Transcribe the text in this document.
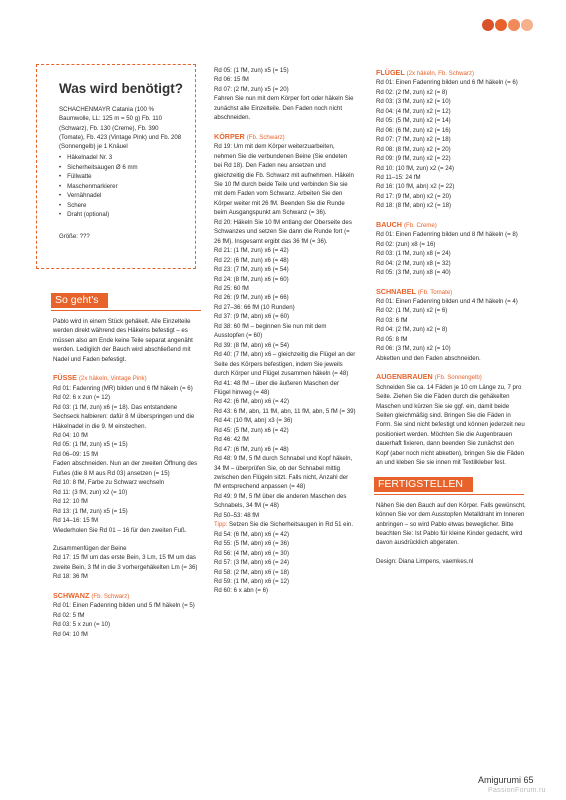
Was wird benötigt?

SCHACHENMAYR Catania (100 % Baumwolle, LL: 125 m = 50 g) Fb. 110 (Schwarz), Fb. 130 (Creme), Fb. 390 (Tomate), Fb. 423 (Vintage Pink) und Fb. 208 (Sonnengelb) je 1 Knäuel

• Häkelnadel Nr. 3
• Sicherheitsaugen Ø 6 mm
• Füllwatte
• Maschenmarkierer
• Vernähnadel
• Schere
• Draht (optional)

Größe: ???

So geht's

Pablo wird in einem Stück gehäkelt. Alle Einzelteile werden direkt während des Häkelns befestigt – es müssen also am Ende keine Teile separat angenäht werden. Lediglich der Bauch wird abschließend mit Nadel und Faden befestigt.

FÜSSE (2x häkeln, Vintage Pink)

Rd 01: Fadenring (MR) bilden und 6 fM häkeln (= 6)

Rd 02: 6 x zun (= 12)

Rd 03: (1 fM, zun) x6 (= 18). Das entstandene Sechseck halbieren: dafür 8 M überspringen und die Häkelnadel in die 9. M einstechen.

Rd 04: 10 fM

Rd 05: (1 fM, zun) x5 (= 15)

Rd 06–09: 15 fM

Faden abschneiden. Nun an der zweiten Öffnung des Fußes (die 8 M aus Rd 03) ansetzen (= 15)

Rd 10: 8 fM, Farbe zu Schwarz wechseln

Rd 11: (3 fM, zun) x2 (= 10)

Rd 12: 10 fM

Rd 13: (1 fM, zun) x5 (= 15)

Rd 14–16: 15 fM

Wiederholen Sie Rd 01 – 16 für den zweiten Fuß.

Zusammenfügen der Beine

Rd 17: 15 fM um das erste Bein, 3 Lm, 15 fM um das zweite Bein, 3 fM in die 3 vorhergehäkelten Lm (= 36)

Rd 18: 36 fM

SCHWANZ (Fb. Schwarz)

Rd 01: Einen Fadenring bilden und 5 fM häkeln (= 5)

Rd 02: 5 fM

Rd 03: 5 x zun (= 10)

Rd 04: 10 fM

Rd 05: (1 fM, zun) x5 (= 15)

Rd 06: 15 fM

Rd 07: (2 fM, zun) x5 (= 20)

Fahren Sie nun mit dem Körper fort oder häkeln Sie zunächst alle Einzelteile. Den Faden noch nicht abschneiden.

KÖRPER (Fb. Schwarz)

Rd 19: Um mit dem Körper weiterzuarbeiten, nehmen Sie die verbundenen Beine (Sie endeten bei Rd 18). Den Faden neu ansetzen und gleichzeitig die Fb. Schwarz mit aufnehmen. Häkeln Sie 10 fM durch beide Teile und verbinden Sie sie mit dem Faden vom Schwanz. Arbeiten Sie den Körper weiter mit 26 fM. Beenden Sie die Runde beim Ausgangspunkt am Schwanz (= 36).

Rd 20: Häkeln Sie 10 fM entlang der Oberseite des Schwanzes und setzen Sie dann die Runde fort (= 26 fM). Insgesamt ergibt das 36 fM (= 36).

Rd 21: (1 fM, zun) x6 (= 42)

Rd 22: (6 fM, zun) x6 (= 48)

Rd 23: (7 fM, zun) x6 (= 54)

Rd 24: (8 fM, zun) x6 (= 60)

Rd 25: 60 fM

Rd 26: (9 fM, zun) x6 (= 66)

Rd 27–36: 66 fM (10 Runden)

Rd 37: (9 fM, abn) x6 (= 60)

Rd 38: 60 fM – beginnen Sie nun mit dem Ausstopfen (= 60)

Rd 39: (8 fM, abn) x6 (= 54)

Rd 40: (7 fM, abn) x6 – gleichzeitig die Flügel an der Seite des Körpers befestigen, indem Sie jeweils durch Körper und Flügel zusammen häkeln (= 48)

Rd 41: 48 fM – über die äußeren Maschen der Flügel hinweg (= 48)

Rd 42: (6 fM, abn) x6 (= 42)

Rd 43: 6 fM, abn, 11 fM, abn, 11 fM, abn, 5 fM (= 39)

Rd 44: (10 fM, abn) x3 (= 36)

Rd 45: (5 fM, zun) x6 (= 42)

Rd 46: 42 fM

Rd 47: (6 fM, zun) x6 (= 48)

Rd 48: 9 fM, 5 fM durch Schnabel und Kopf häkeln, 34 fM – überprüfen Sie, ob der Schnabel mittig zwischen den Flügeln sitzt. Falls nicht, Anzahl der fM entsprechend anpassen (= 48)

Rd 49: 9 fM, 5 fM über die anderen Maschen des Schnabels, 34 fM (= 48)

Rd 50–53: 48 fM

Tipp: Setzen Sie die Sicherheitsaugen in Rd 51 ein.

Rd 54: (6 fM, abn) x6 (= 42)

Rd 55: (5 fM, abn) x6 (= 36)

Rd 56: (4 fM, abn) x6 (= 30)

Rd 57: (3 fM, abn) x6 (= 24)

Rd 58: (2 fM, abn) x6 (= 18)

Rd 59: (1 fM, abn) x6 (= 12)

Rd 60: 6 x abn (= 6)

FLÜGEL (2x häkeln, Fb. Schwarz)

Rd 01: Einen Fadenring bilden und 6 fM häkeln (= 6)

Rd 02: (2 fM, zun) x2 (= 8)

Rd 03: (3 fM, zun) x2 (= 10)

Rd 04: (4 fM, zun) x2 (= 12)

Rd 05: (5 fM, zun) x2 (= 14)

Rd 06: (6 fM, zun) x2 (= 16)

Rd 07: (7 fM, zun) x2 (= 18)

Rd 08: (8 fM, zun) x2 (= 20)

Rd 09: (9 fM, zun) x2 (= 22)

Rd 10: (10 fM, zun) x2 (= 24)

Rd 11–15: 24 fM

Rd 16: (10 fM, abn) x2 (= 22)

Rd 17: (9 fM, abn) x2 (= 20)

Rd 18: (8 fM, abn) x2 (= 18)

BAUCH (Fb. Creme)

Rd 01: Einen Fadenring bilden und 8 fM häkeln (= 8)

Rd 02: (zun) x8 (= 16)

Rd 03: (1 fM, zun) x8 (= 24)

Rd 04: (2 fM, zun) x8 (= 32)

Rd 05: (3 fM, zun) x8 (= 40)

SCHNABEL (Fb. Tomate)

Rd 01: Einen Fadenring bilden und 4 fM häkeln (= 4)

Rd 02: (1 fM, zun) x2 (= 6)

Rd 03: 6 fM

Rd 04: (2 fM, zun) x2 (= 8)

Rd 05: 8 fM

Rd 06: (3 fM, zun) x2 (= 10)

Abketten und den Faden abschneiden.

AUGENBRAUEN (Fb. Sonnengelb)

Schneiden Sie ca. 14 Fäden je 10 cm Länge zu, 7 pro Seite. Ziehen Sie die Fäden durch die gehäkelten Maschen und kürzen Sie sie ggf. ein, damit beide Seiten gleichmäßig sind. Bringen Sie die Fäden in Form. Sie sind nicht befestigt und können jederzeit neu positioniert werden. Möchten Sie die Augenbrauen dauerhaft fixieren, dann beenden Sie zunächst den Kopf (aber noch nicht abketten), bringen Sie die Fäden an und kleben Sie sie innen mit Textilkleber fest.

FERTIGSTELLEN

Nähen Sie den Bauch auf den Körper. Falls gewünscht, können Sie vor dem Ausstopfen Metalldraht im Inneren anbringen – so wird Pablo etwas beweglicher. Bitte beachten Sie: Ist Pablo für kleine Kinder gedacht, wird davon ausdrücklich abgeraten.

Design: Diana Limpens, vaemkes.nl

Amigurumi 65
PassionForum.ru
